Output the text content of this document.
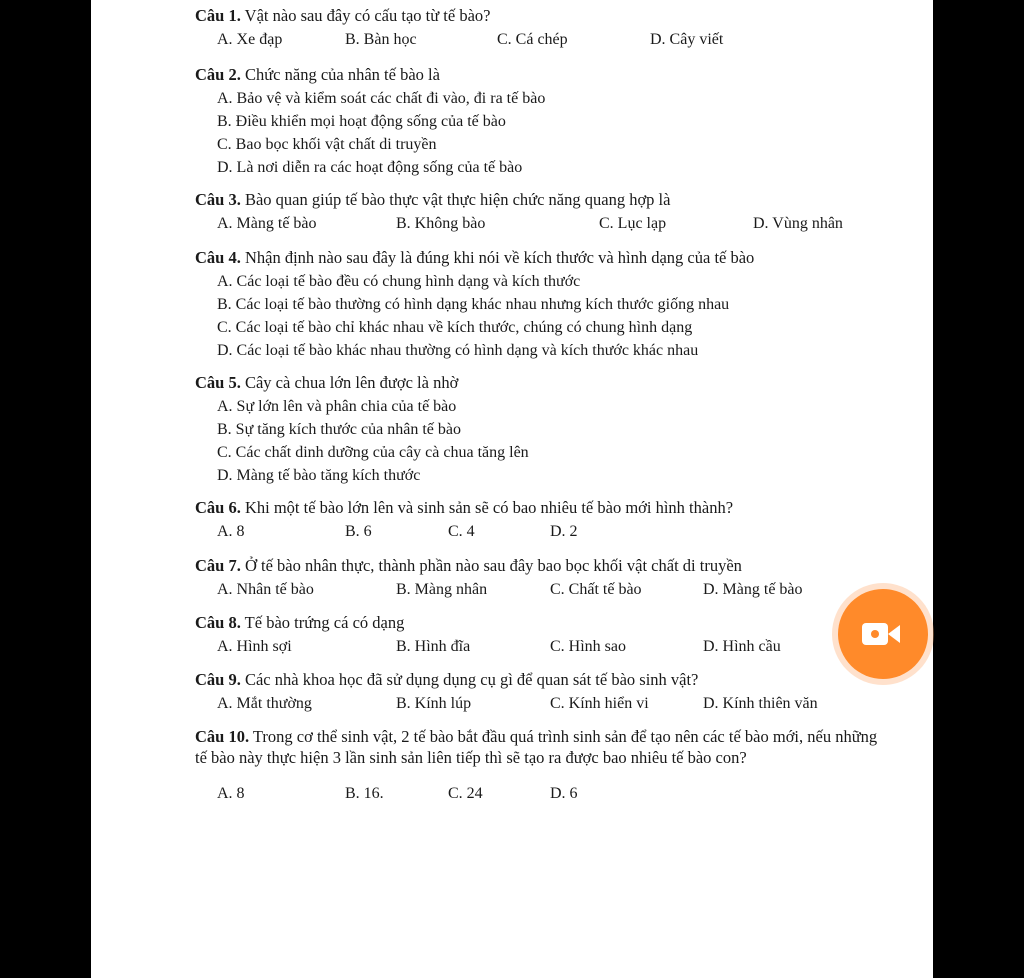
Câu 1. Vật nào sau đây có cấu tạo từ tế bào?
A. Xe đạp	B. Bàn học	C. Cá chép	D. Cây viết
Câu 2. Chức năng của nhân tế bào là
A. Bảo vệ và kiểm soát các chất đi vào, đi ra tế bào
B. Điều khiển mọi hoạt động sống của tế bào
C. Bao bọc khối vật chất di truyền
D. Là nơi diễn ra các hoạt động sống của tế bào
Câu 3. Bào quan giúp tế bào thực vật thực hiện chức năng quang hợp là
A. Màng tế bào	B. Không bào	C. Lục lạp	D. Vùng nhân
Câu 4. Nhận định nào sau đây là đúng khi nói về kích thước và hình dạng của tế bào
A. Các loại tế bào đều có chung hình dạng và kích thước
B. Các loại tế bào thường có hình dạng khác nhau nhưng kích thước giống nhau
C. Các loại tế bào chỉ khác nhau về kích thước, chúng có chung hình dạng
D. Các loại tế bào khác nhau thường có hình dạng và kích thước khác nhau
Câu 5. Cây cà chua lớn lên được là nhờ
A. Sự lớn lên và phân chia của tế bào
B. Sự tăng kích thước của nhân tế bào
C. Các chất dinh dưỡng của cây cà chua tăng lên
D. Màng tế bào tăng kích thước
Câu 6. Khi một tế bào lớn lên và sinh sản sẽ có bao nhiêu tế bào mới hình thành?
A. 8	B. 6	C. 4	D. 2
Câu 7. Ở tế bào nhân thực, thành phần nào sau đây bao bọc khối vật chất di truyền
A. Nhân tế bào	B. Màng nhân	C. Chất tế bào	D. Màng tế bào
Câu 8. Tế bào trứng cá có dạng
A. Hình sợi	B. Hình đĩa	C. Hình sao	D. Hình cầu
Câu 9. Các nhà khoa học đã sử dụng dụng cụ gì để quan sát tế bào sinh vật?
A. Mắt thường	B. Kính lúp	C. Kính hiển vi	D. Kính thiên văn
Câu 10. Trong cơ thể sinh vật, 2 tế bào bắt đầu quá trình sinh sản để tạo nên các tế bào mới, nếu những tế bào này thực hiện 3 lần sinh sản liên tiếp thì sẽ tạo ra được bao nhiêu tế bào con?
A. 8	B. 16.	C. 24	D. 6
